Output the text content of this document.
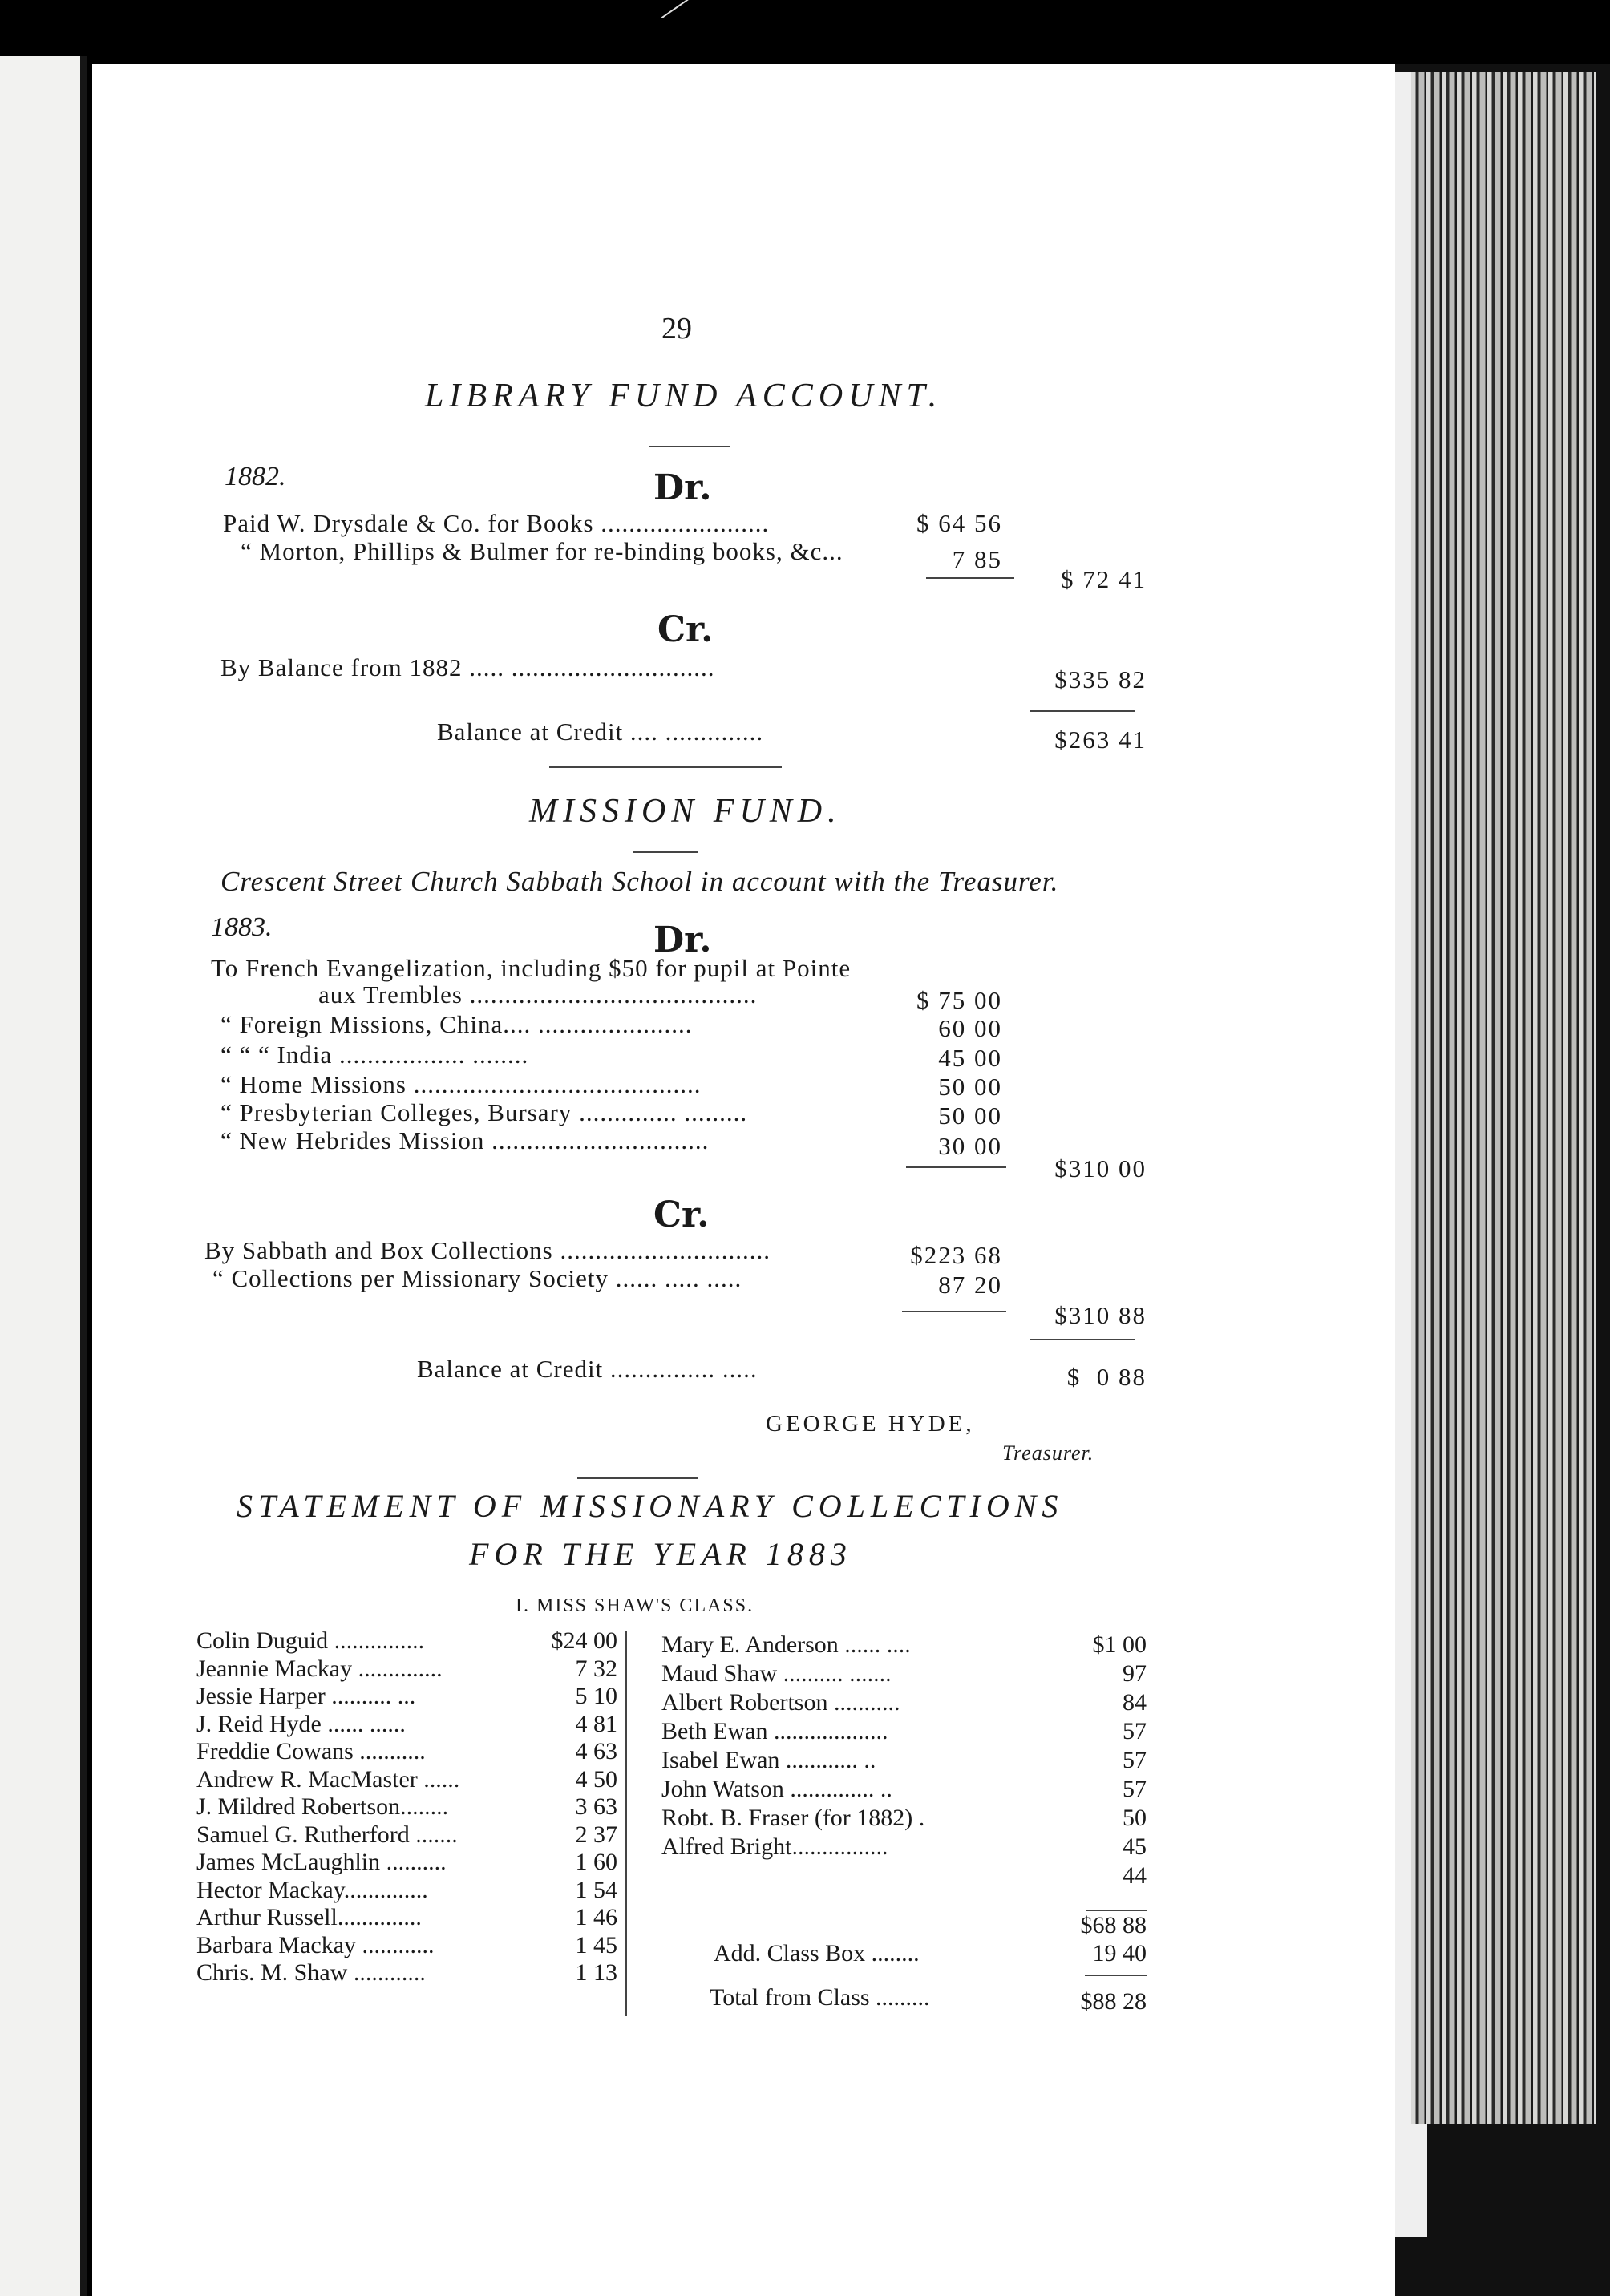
29
LIBRARY FUND ACCOUNT.
1882.	Dr.
Paid W. Drysdale & Co. for Books ........................	$ 64 56
“ Morton, Phillips & Bulmer for re-binding books, &c...	7 85
$ 72 41
Cr.
By Balance from 1882 ..... .............................	$335 82
Balance at Credit .... ..............	$263 41
MISSION FUND.
Crescent Street Church Sabbath School in account with the Treasurer.
1883.	Dr.
To French Evangelization, including $50 for pupil at Pointe
aux Trembles .........................................	$ 75 00
“ Foreign Missions, China.... ......................	60 00
“ “ “ India .................. ........	45 00
“ Home Missions .........................................	50 00
“ Presbyterian Colleges, Bursary .............. .........	50 00
“ New Hebrides Mission ...............................	30 00
$310 00
Cr.
By Sabbath and Box Collections ..............................	$223 68
“ Collections per Missionary Society ...... ..... .....	87 20
$310 88
Balance at Credit ............... .....	$  0 88
GEORGE HYDE,
Treasurer.
STATEMENT OF MISSIONARY COLLECTIONS
FOR THE YEAR 1883
I. MISS SHAW'S CLASS.
Colin Duguid ...............	$24 00
Jeannie Mackay ..............	7 32
Jessie Harper .......... ...	5 10
J. Reid Hyde ...... ......	4 81
Freddie Cowans ...........	4 63
Andrew R. MacMaster ......	4 50
J. Mildred Robertson........	3 63
Samuel G. Rutherford .......	2 37
James McLaughlin ..........	1 60
Hector Mackay..............	1 54
Arthur Russell..............	1 46
Barbara Mackay ............	1 45
Chris. M. Shaw ............	1 13
Mary E. Anderson ...... ....	$1 00
Maud Shaw .......... .......	97
Albert Robertson ...........	84
Beth Ewan ...................	57
Isabel Ewan ............ ..	57
John Watson .............. ..	57
Robt. B. Fraser (for 1882) .	50
Alfred Bright................	45
44
$68 88
Add. Class Box ........	19 40
Total from Class .........	$88 28
